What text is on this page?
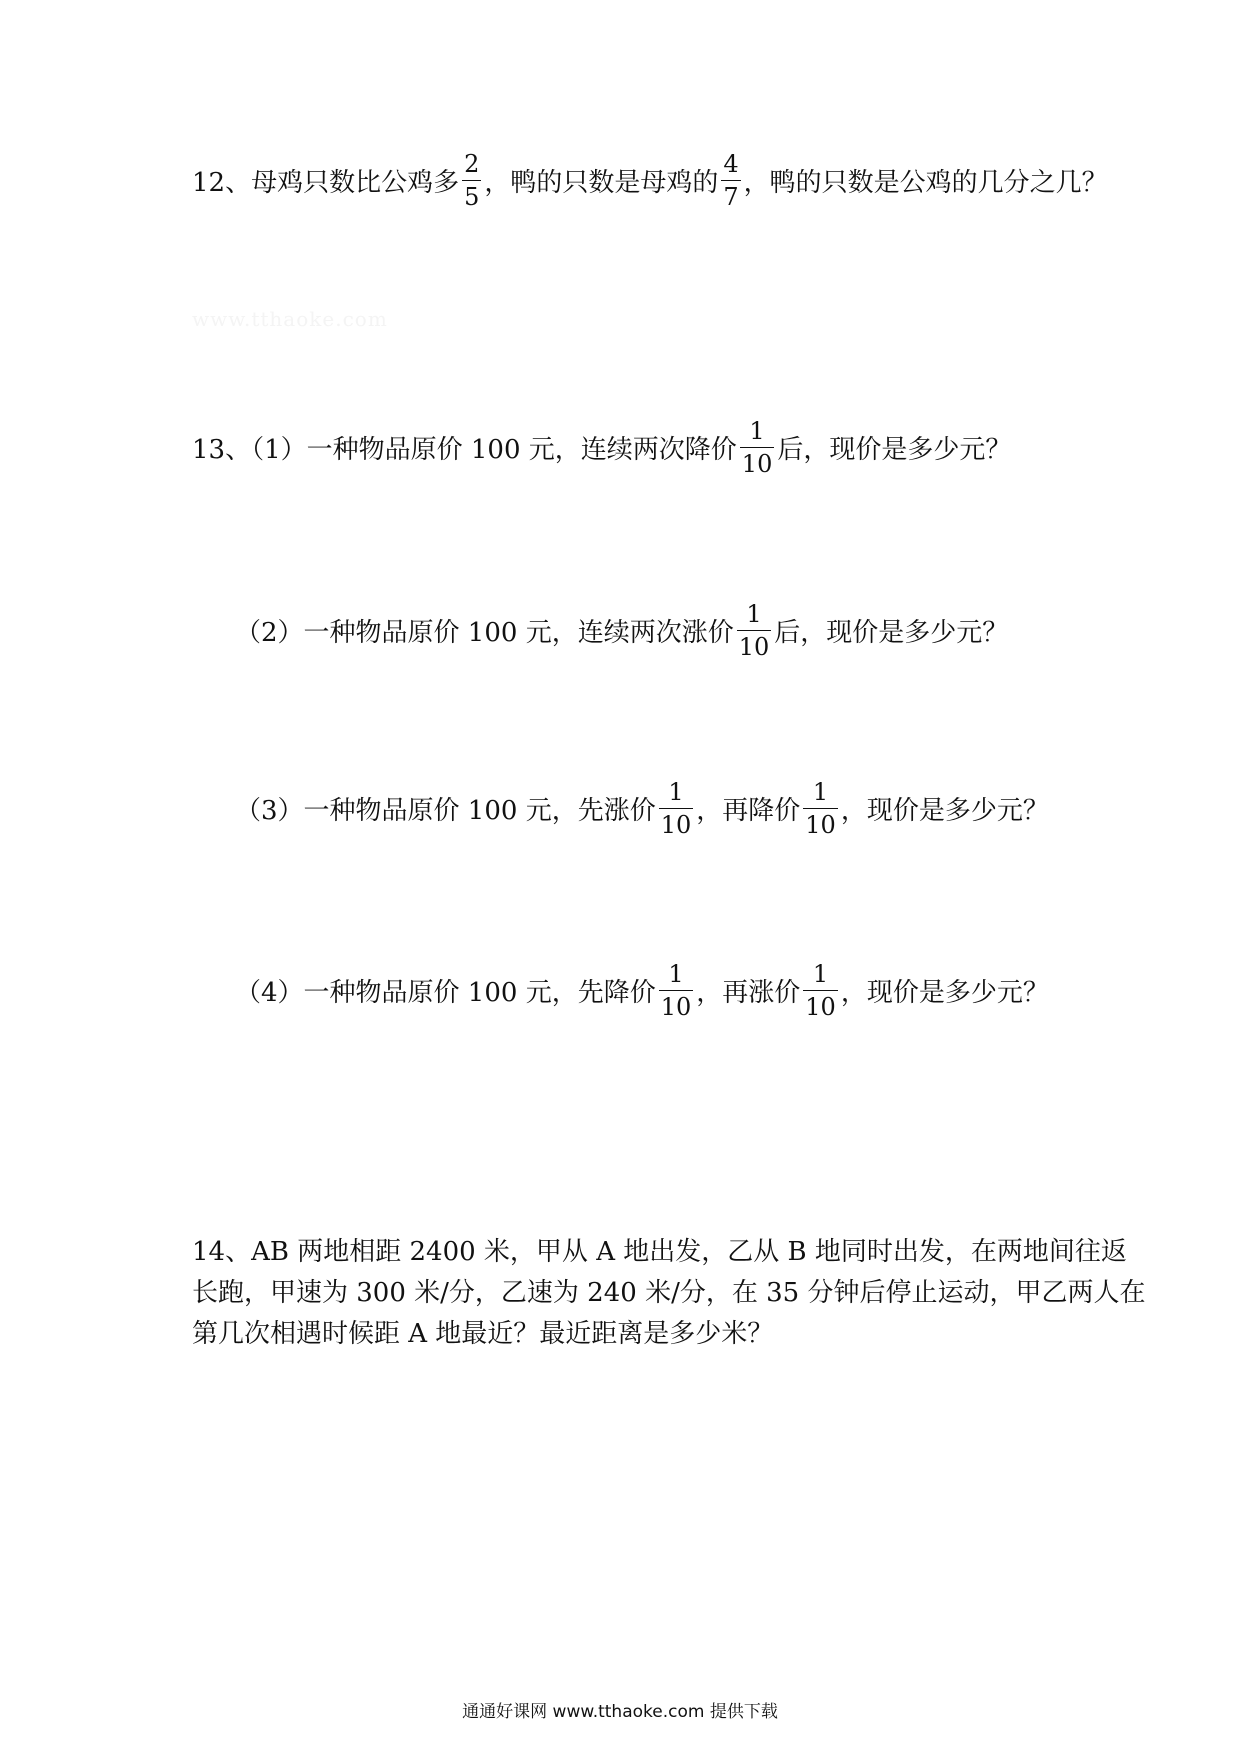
12、母鸡只数比公鸡多 $\frac{2}{5}$ ，鸭的只数是母鸡的 $\frac{4}{7}$ ，鸭的只数是公鸡的几分之几？
www.tthaoke.com
13、（1）一种物品原价 100 元，连续两次降价 $\frac{1}{10}$ 后，现价是多少元？
（2）一种物品原价 100 元，连续两次涨价 $\frac{1}{10}$ 后，现价是多少元？
（3）一种物品原价 100 元，先涨价 $\frac{1}{10}$ ，再降价 $\frac{1}{10}$ ，现价是多少元？
（4）一种物品原价 100 元，先降价 $\frac{1}{10}$ ，再涨价 $\frac{1}{10}$ ，现价是多少元？
14、AB 两地相距 2400 米，甲从 A 地出发，乙从 B 地同时出发，在两地间往返
长跑，甲速为 300 米/分，乙速为 240 米/分，在 35 分钟后停止运动，甲乙两人在
第几次相遇时候距 A 地最近？最近距离是多少米？
通通好课网 www.tthaoke.com 提供下载
